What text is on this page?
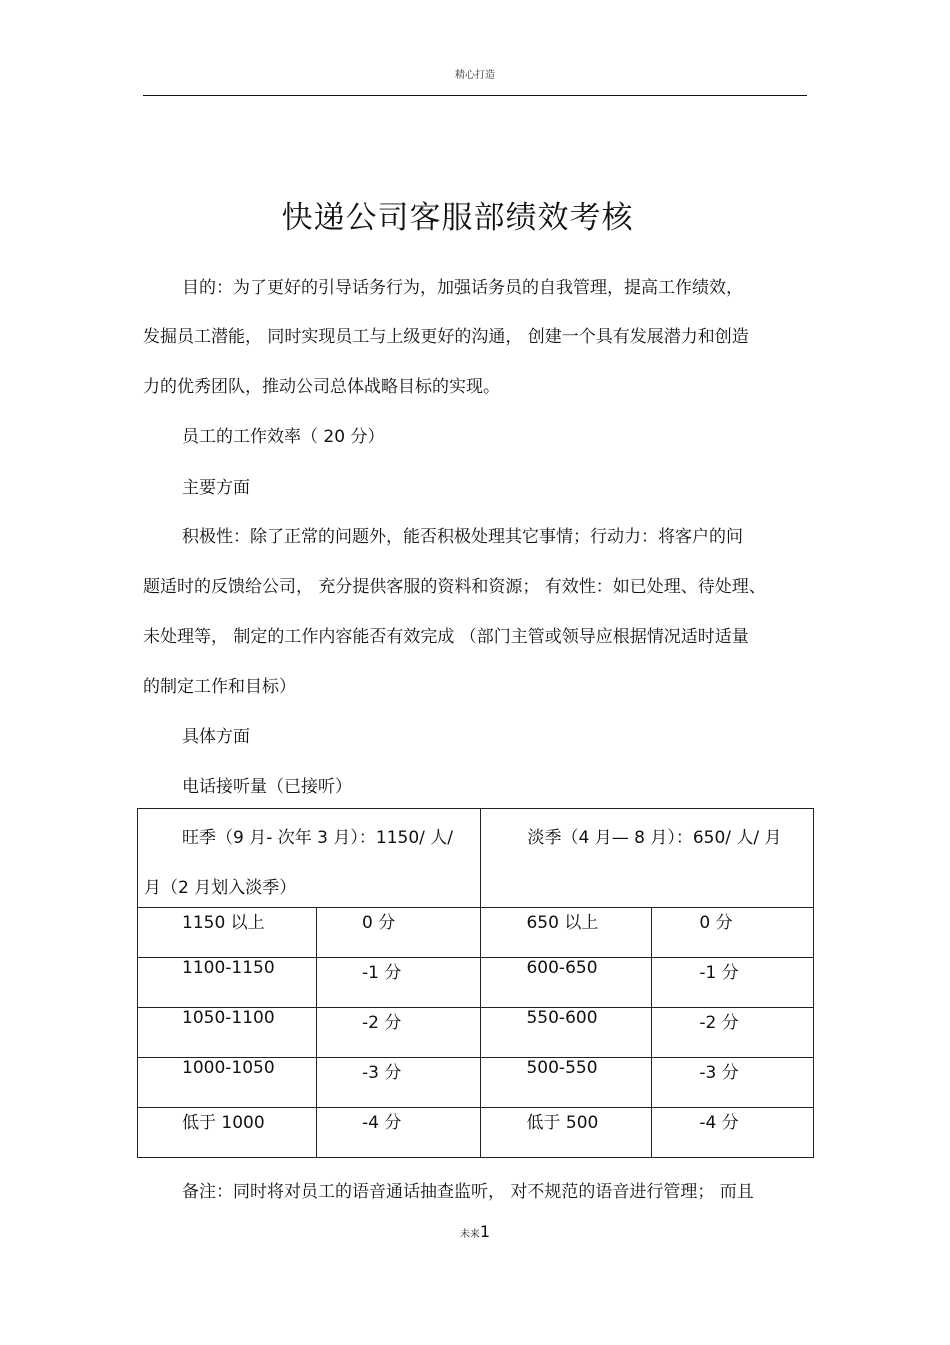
精心打造
快递公司客服部绩效考核
目的：为了更好的引导话务行为，加强话务员的自我管理，提高工作绩效，
发掘员工潜能， 同时实现员工与上级更好的沟通， 创建一个具有发展潜力和创造
力的优秀团队，推动公司总体战略目标的实现。
员工的工作效率（ 20 分）
主要方面
积极性：除了正常的问题外，能否积极处理其它事情；行动力：将客户的问
题适时的反馈给公司， 充分提供客服的资料和资源； 有效性：如已处理、待处理、
未处理等， 制定的工作内容能否有效完成 （部门主管或领导应根据情况适时适量
的制定工作和目标）
具体方面
电话接听量（已接听）
旺季（9 月- 次年 3 月）：1150/ 人/
月（2 月划入淡季）		淡季（4 月— 8 月）：650/ 人/ 月	

1150 以上	0 分	650 以上	0 分
1100-1150	-1 分	600-650	-1 分
1050-1100	-2 分	550-600	-2 分
1000-1050	-3 分	500-550	-3 分
低于 1000	-4 分	低于 500	-4 分
备注：同时将对员工的语音通话抽查监听， 对不规范的语音进行管理； 而且
未来1
